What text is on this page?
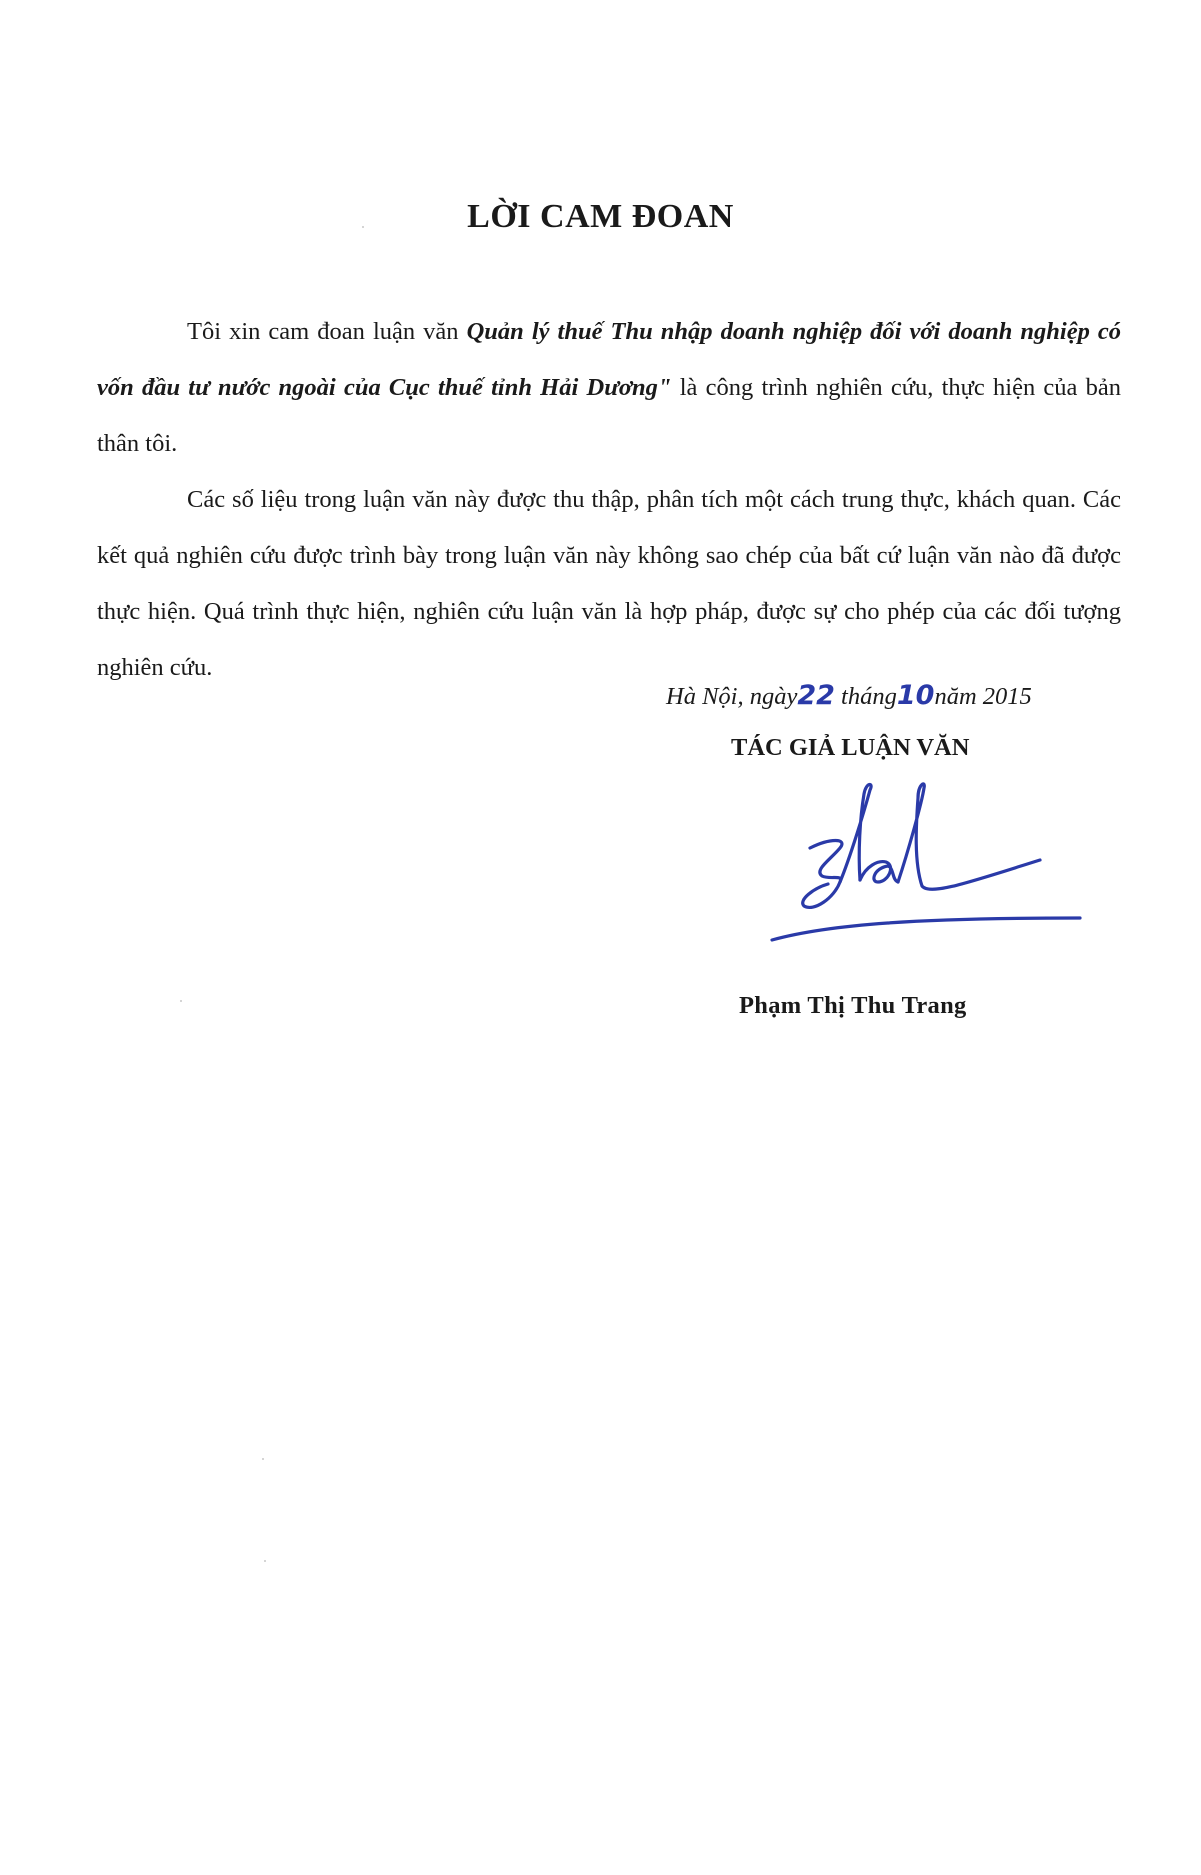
LỜI CAM ĐOAN

Tôi xin cam đoan luận văn Quản lý thuế Thu nhập doanh nghiệp đối với doanh nghiệp có vốn đầu tư nước ngoài của Cục thuế tỉnh Hải Dương" là công trình nghiên cứu, thực hiện của bản thân tôi.

Các số liệu trong luận văn này được thu thập, phân tích một cách trung thực, khách quan. Các kết quả nghiên cứu được trình bày trong luận văn này không sao chép của bất cứ luận văn nào đã được thực hiện. Quá trình thực hiện, nghiên cứu luận văn là hợp pháp, được sự cho phép của các đối tượng nghiên cứu.

Hà Nội, ngày22 tháng10năm 2015
TÁC GIẢ LUẬN VĂN
Phạm Thị Thu Trang
